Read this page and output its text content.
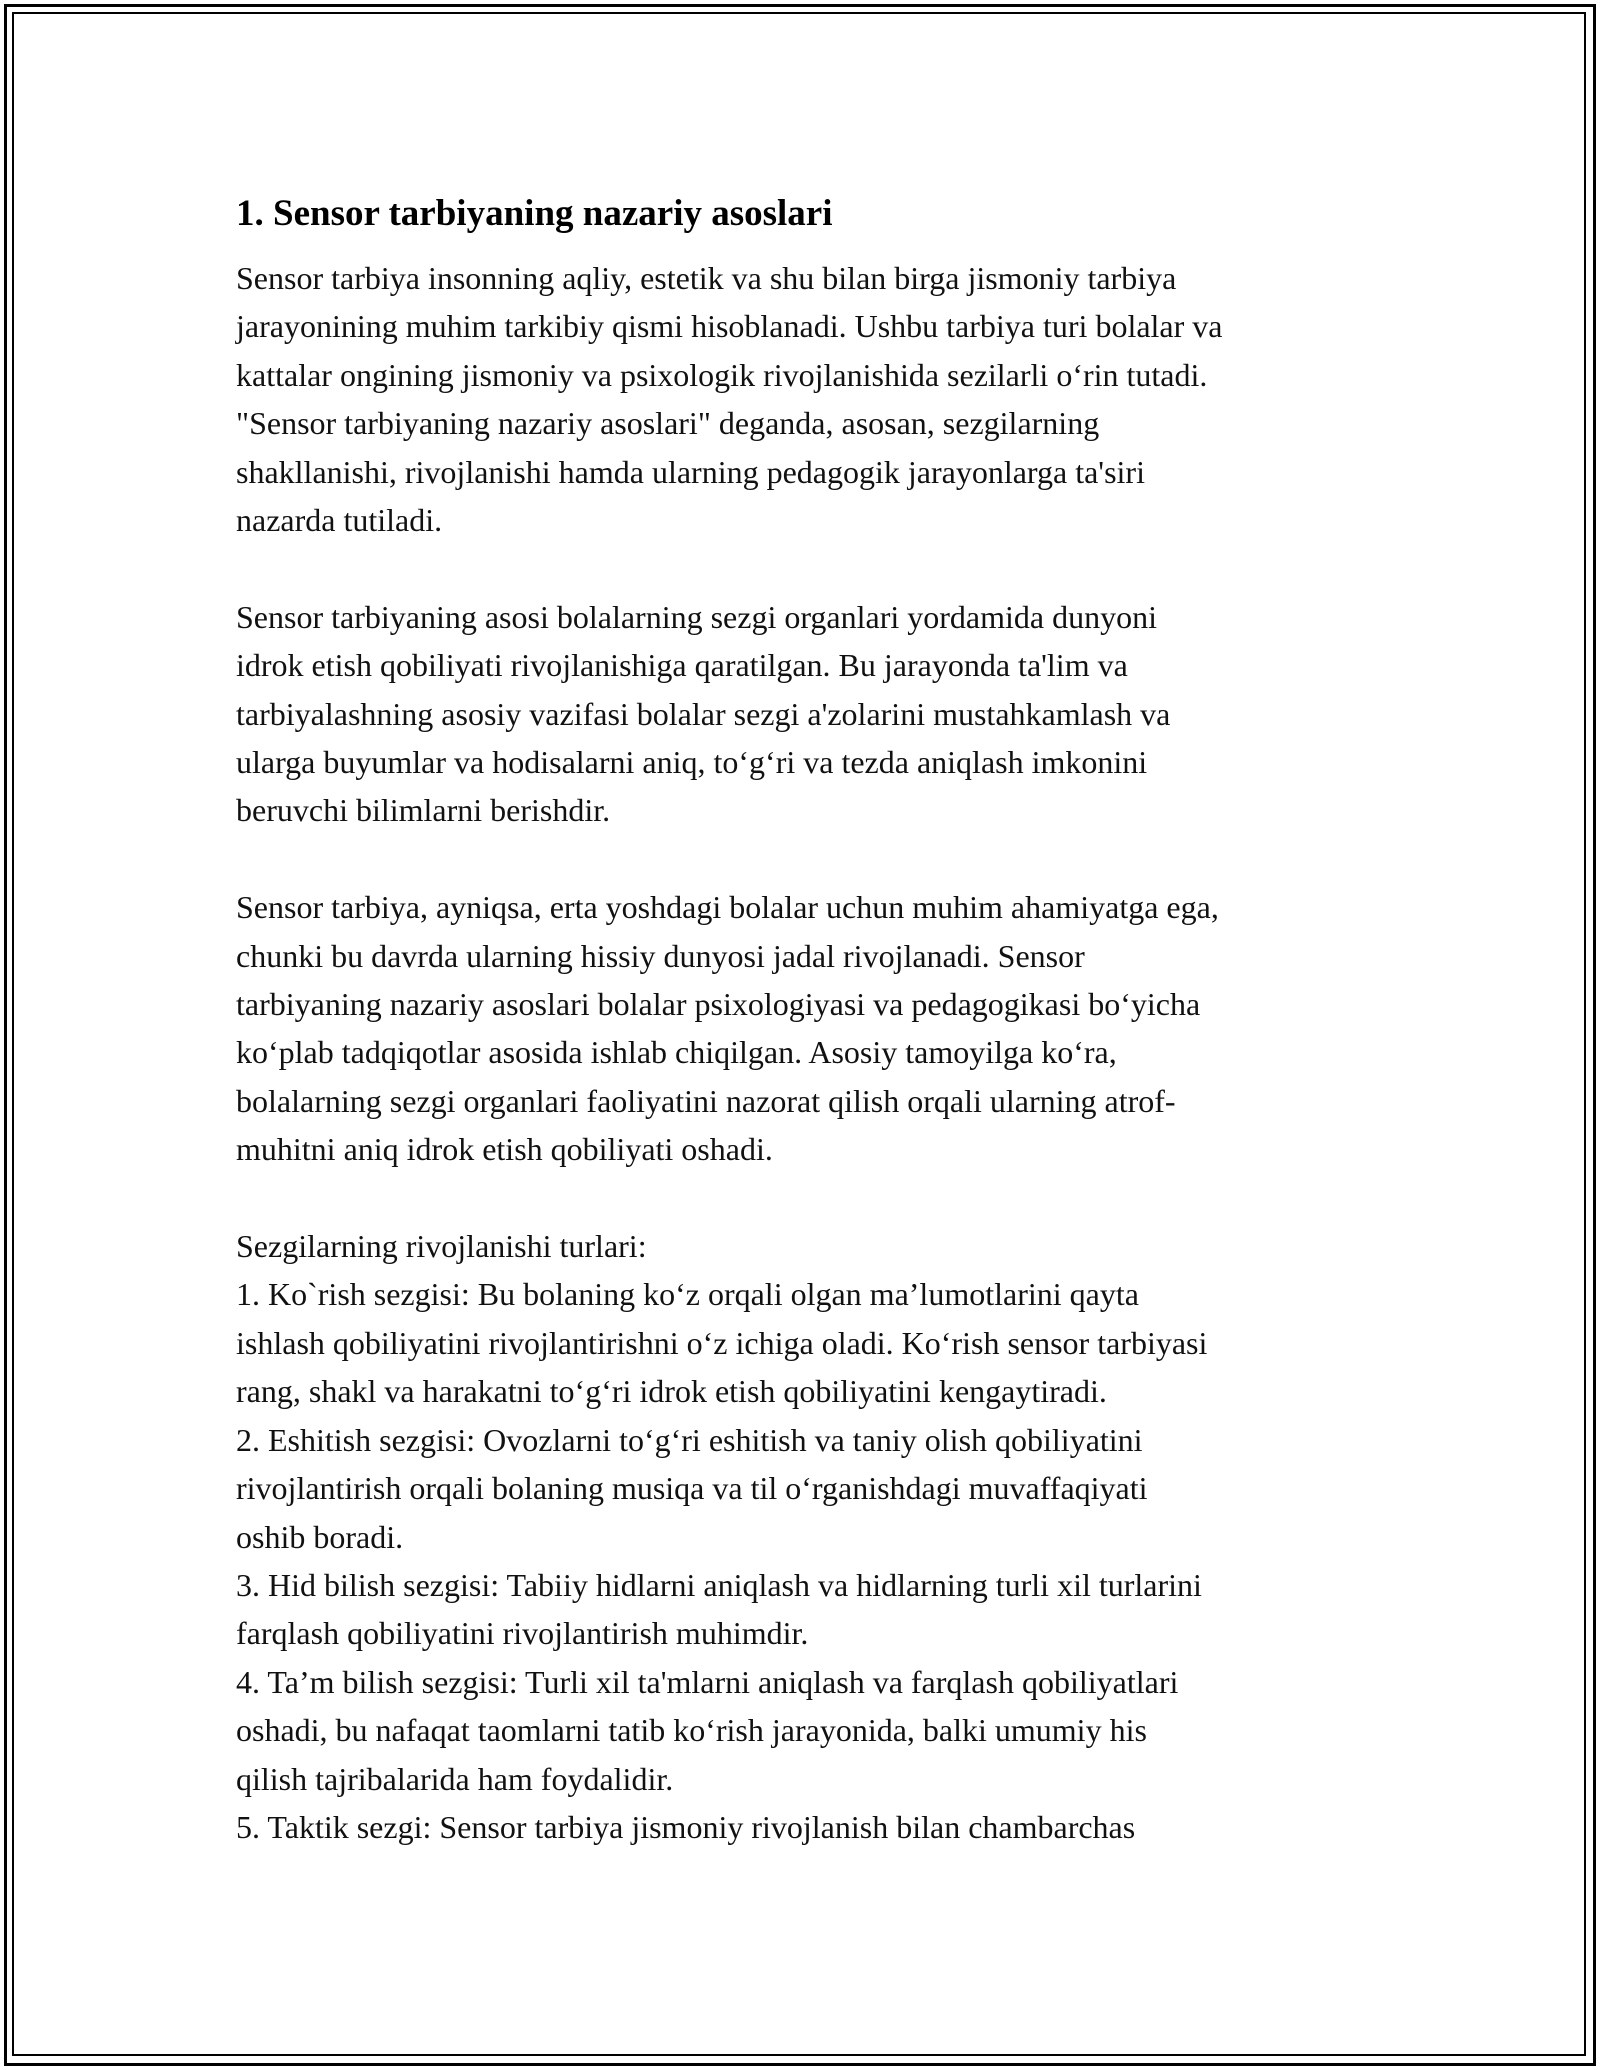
1. Sensor tarbiyaning nazariy asoslari
Sensor tarbiya insonning aqliy, estetik va shu bilan birga jismoniy tarbiya
jarayonining muhim tarkibiy qismi hisoblanadi. Ushbu tarbiya turi bolalar va
kattalar ongining jismoniy va psixologik rivojlanishida sezilarli o‘rin tutadi.
"Sensor tarbiyaning nazariy asoslari" deganda, asosan, sezgilarning
shakllanishi, rivojlanishi hamda ularning pedagogik jarayonlarga ta'siri
nazarda tutiladi.
Sensor tarbiyaning asosi bolalarning sezgi organlari yordamida dunyoni
idrok etish qobiliyati rivojlanishiga qaratilgan. Bu jarayonda ta'lim va
tarbiyalashning asosiy vazifasi bolalar sezgi a'zolarini mustahkamlash va
ularga buyumlar va hodisalarni aniq, to‘g‘ri va tezda aniqlash imkonini
beruvchi bilimlarni berishdir.
Sensor tarbiya, ayniqsa, erta yoshdagi bolalar uchun muhim ahamiyatga ega,
chunki bu davrda ularning hissiy dunyosi jadal rivojlanadi. Sensor
tarbiyaning nazariy asoslari bolalar psixologiyasi va pedagogikasi bo‘yicha
ko‘plab tadqiqotlar asosida ishlab chiqilgan. Asosiy tamoyilga ko‘ra,
bolalarning sezgi organlari faoliyatini nazorat qilish orqali ularning atrof-
muhitni aniq idrok etish qobiliyati oshadi.
Sezgilarning rivojlanishi turlari:
1. Ko`rish sezgisi: Bu bolaning ko‘z orqali olgan ma’lumotlarini qayta
ishlash qobiliyatini rivojlantirishni o‘z ichiga oladi. Ko‘rish sensor tarbiyasi
rang, shakl va harakatni to‘g‘ri idrok etish qobiliyatini kengaytiradi.
2. Eshitish sezgisi: Ovozlarni to‘g‘ri eshitish va taniy olish qobiliyatini
rivojlantirish orqali bolaning musiqa va til o‘rganishdagi muvaffaqiyati
oshib boradi.
3. Hid bilish sezgisi: Tabiiy hidlarni aniqlash va hidlarning turli xil turlarini
farqlash qobiliyatini rivojlantirish muhimdir.
4. Ta’m bilish sezgisi: Turli xil ta'mlarni aniqlash va farqlash qobiliyatlari
oshadi, bu nafaqat taomlarni tatib ko‘rish jarayonida, balki umumiy his
qilish tajribalarida ham foydalidir.
5. Taktik sezgi: Sensor tarbiya jismoniy rivojlanish bilan chambarchas
